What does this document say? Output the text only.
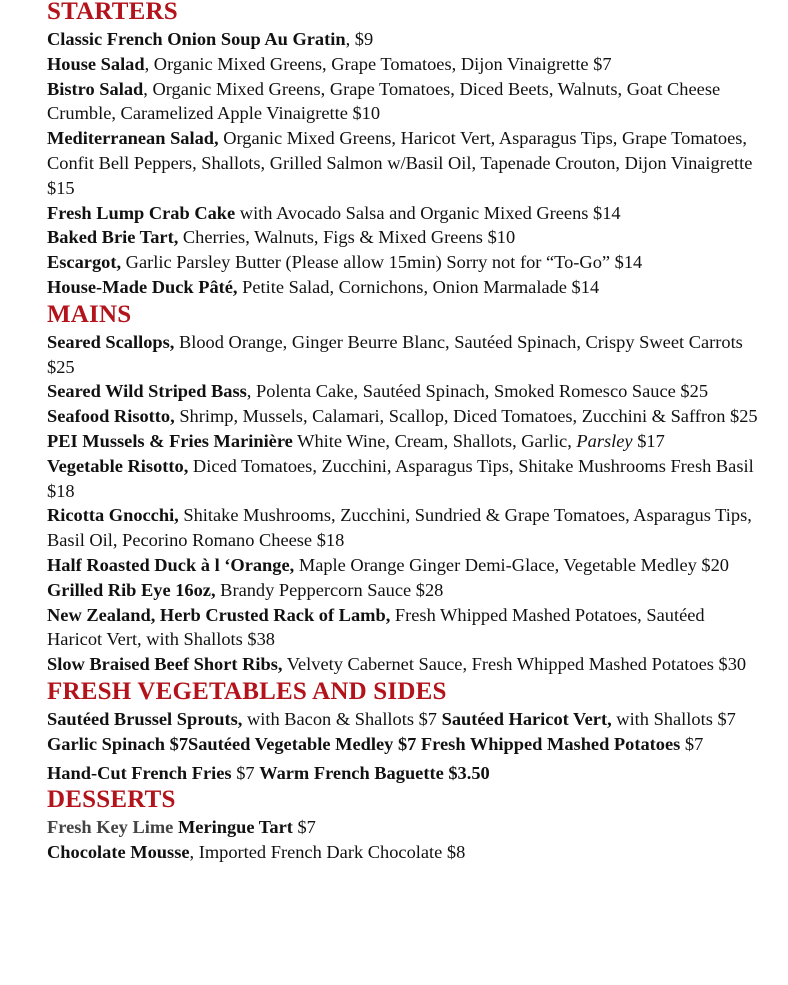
STARTERS

Classic French Onion Soup Au Gratin, $9

House Salad, Organic Mixed Greens, Grape Tomatoes, Dijon Vinaigrette $7

Bistro Salad, Organic Mixed Greens, Grape Tomatoes, Diced Beets, Walnuts, Goat Cheese Crumble, Caramelized Apple Vinaigrette $10

Mediterranean Salad, Organic Mixed Greens, Haricot Vert, Asparagus Tips, Grape Tomatoes, Confit Bell Peppers, Shallots, Grilled Salmon w/Basil Oil, Tapenade Crouton, Dijon Vinaigrette $15

Fresh Lump Crab Cake with Avocado Salsa and Organic Mixed Greens $14

Baked Brie Tart, Cherries, Walnuts, Figs & Mixed Greens $10

Escargot, Garlic Parsley Butter (Please allow 15min) Sorry not for “To-Go” $14

House-Made Duck Pâté, Petite Salad, Cornichons, Onion Marmalade $14

MAINS

Seared Scallops, Blood Orange, Ginger Beurre Blanc, Sautéed Spinach, Crispy Sweet Carrots $25

Seared Wild Striped Bass, Polenta Cake, Sautéed Spinach, Smoked Romesco Sauce $25

Seafood Risotto, Shrimp, Mussels, Calamari, Scallop, Diced Tomatoes, Zucchini & Saffron $25

PEI Mussels & Fries Marinière White Wine, Cream, Shallots, Garlic, Parsley $17

Vegetable Risotto, Diced Tomatoes, Zucchini, Asparagus Tips, Shitake Mushrooms Fresh Basil $18

Ricotta Gnocchi, Shitake Mushrooms, Zucchini, Sundried & Grape Tomatoes, Asparagus Tips, Basil Oil, Pecorino Romano Cheese $18

Half Roasted Duck à l ‘Orange, Maple Orange Ginger Demi-Glace, Vegetable Medley $20

Grilled Rib Eye 16oz, Brandy Peppercorn Sauce $28

New Zealand, Herb Crusted Rack of Lamb, Fresh Whipped Mashed Potatoes, Sautéed Haricot Vert, with Shallots $38

Slow Braised Beef Short Ribs, Velvety Cabernet Sauce, Fresh Whipped Mashed Potatoes $30

FRESH VEGETABLES AND SIDES

Sautéed Brussel Sprouts, with Bacon & Shallots $7 Sautéed Haricot Vert, with Shallots $7 Garlic Spinach $7Sautéed Vegetable Medley $7 Fresh Whipped Mashed Potatoes $7

Hand-Cut French Fries $7 Warm French Baguette $3.50

DESSERTS

Fresh Key Lime Meringue Tart $7

Chocolate Mousse, Imported French Dark Chocolate $8
